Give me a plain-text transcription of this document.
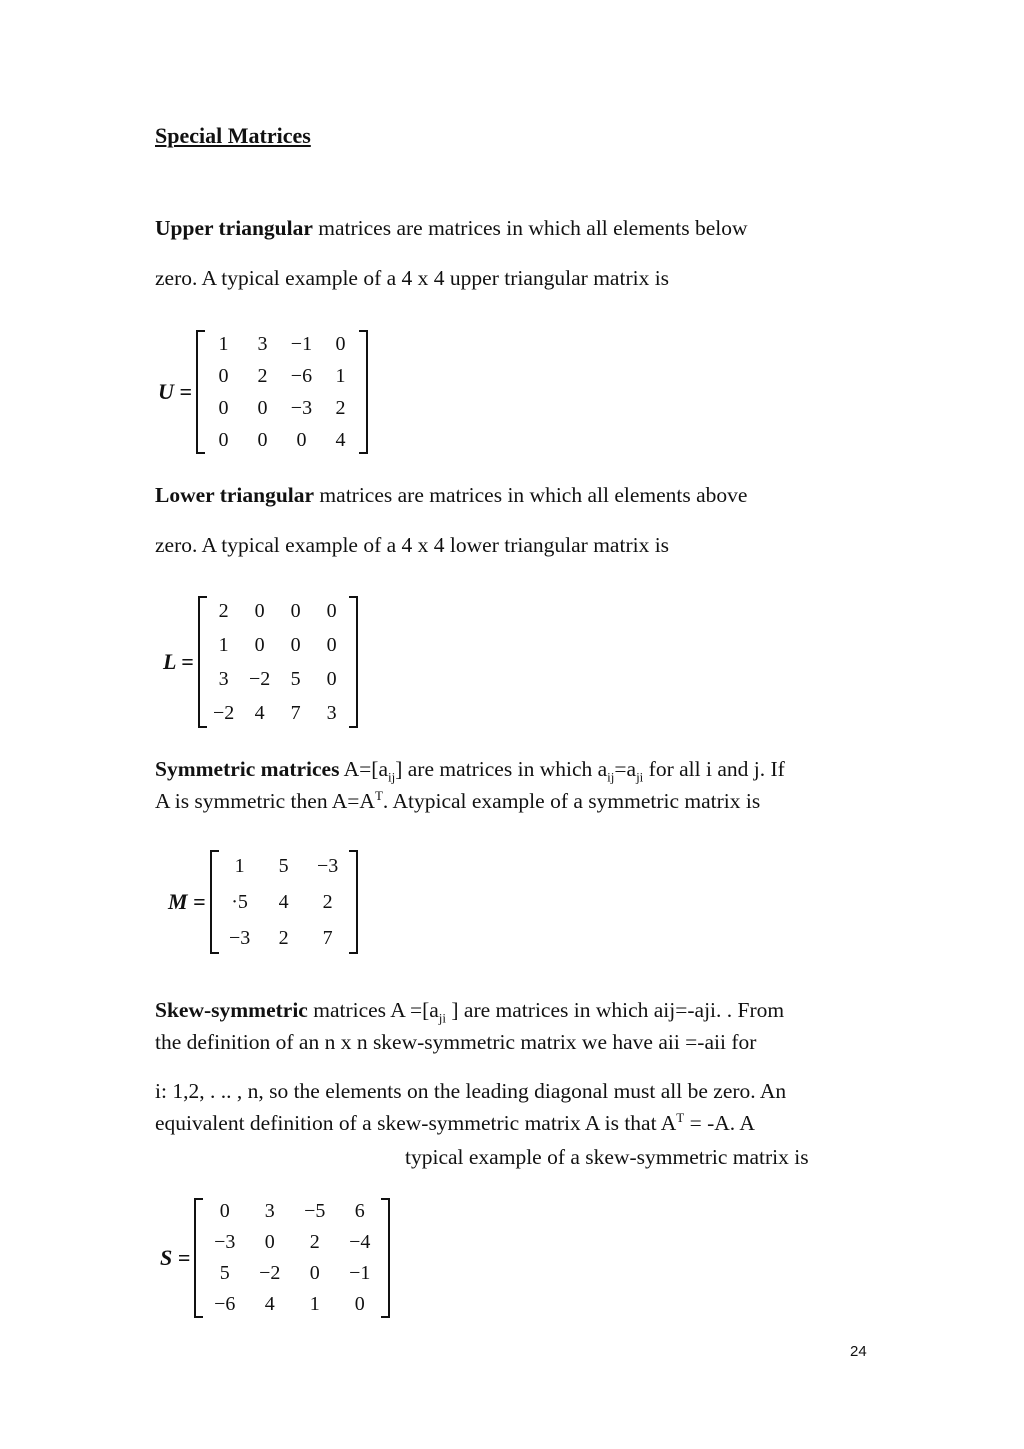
Special Matrices
Upper triangular matrices are matrices in which all elements below
zero. A typical example of a 4 x 4 upper triangular matrix is
U =
1	3	−1	0
0	2	−6	1
0	0	−3	2
0	0	0	4
Lower triangular matrices are matrices in which all elements above
zero. A typical example of a 4 x 4 lower triangular matrix is
L =
2	0	0	0
1	0	0	0
3	−2	5	0
−2	4	7	3
Symmetric matrices $A=[a_{ij}]$ are matrices in which $a_{ij}=a_{ji}$ for all i and j. If
A is symmetric then $A=A^T$. Atypical example of a symmetric matrix is
M =
1	5	−3
·5	4	2
−3	2	7
Skew-symmetric matrices $A =[a_{ji}$ ] are matrices in which aij=-aji. . From
the definition of an n x n skew-symmetric matrix we have aii =-aii for
i: 1,2, . .. , n, so the elements on the leading diagonal must all be zero. An
equivalent definition of a skew-symmetric matrix A is that $A^T = -A$. A
typical example of a skew-symmetric matrix is
S =
0	3	−5	6
−3	0	2	−4
5	−2	0	−1
−6	4	1	0
24
